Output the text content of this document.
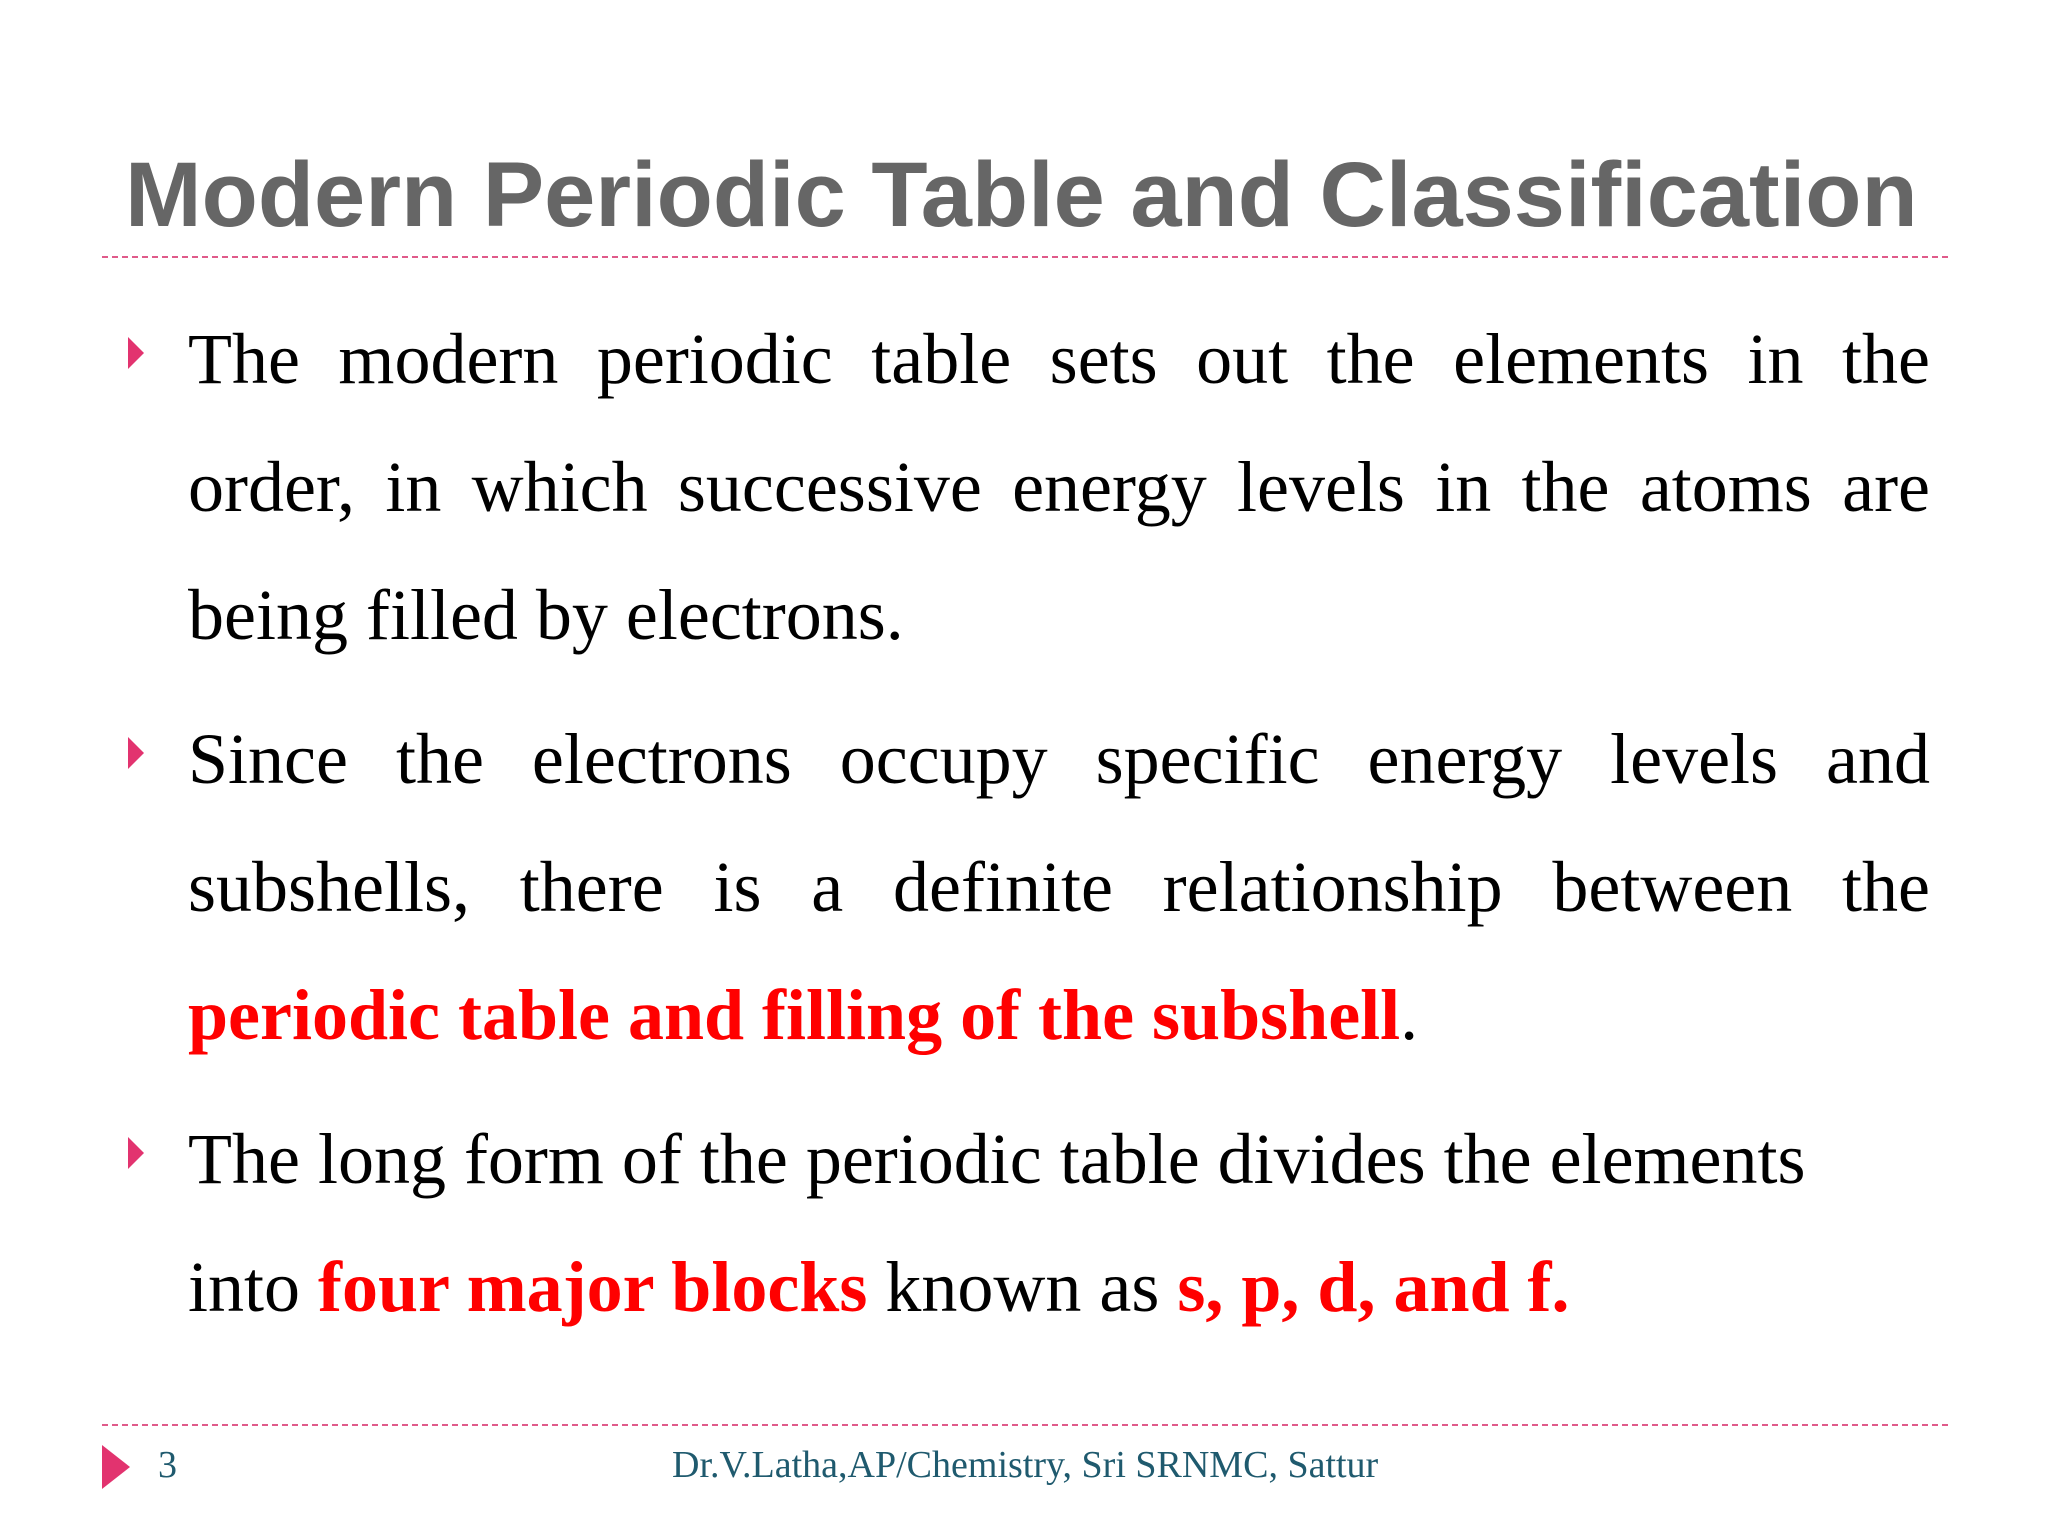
Modern Periodic Table and Classification

The modern periodic table sets out the elements in the order, in which successive energy levels in the atoms are being filled by electrons.

Since the electrons occupy specific energy levels and subshells, there is a definite relationship between the periodic table and filling of the subshell.

The long form of the periodic table divides the elements into four major blocks known as s, p, d, and f.

3	Dr.V.Latha,AP/Chemistry, Sri SRNMC, Sattur
